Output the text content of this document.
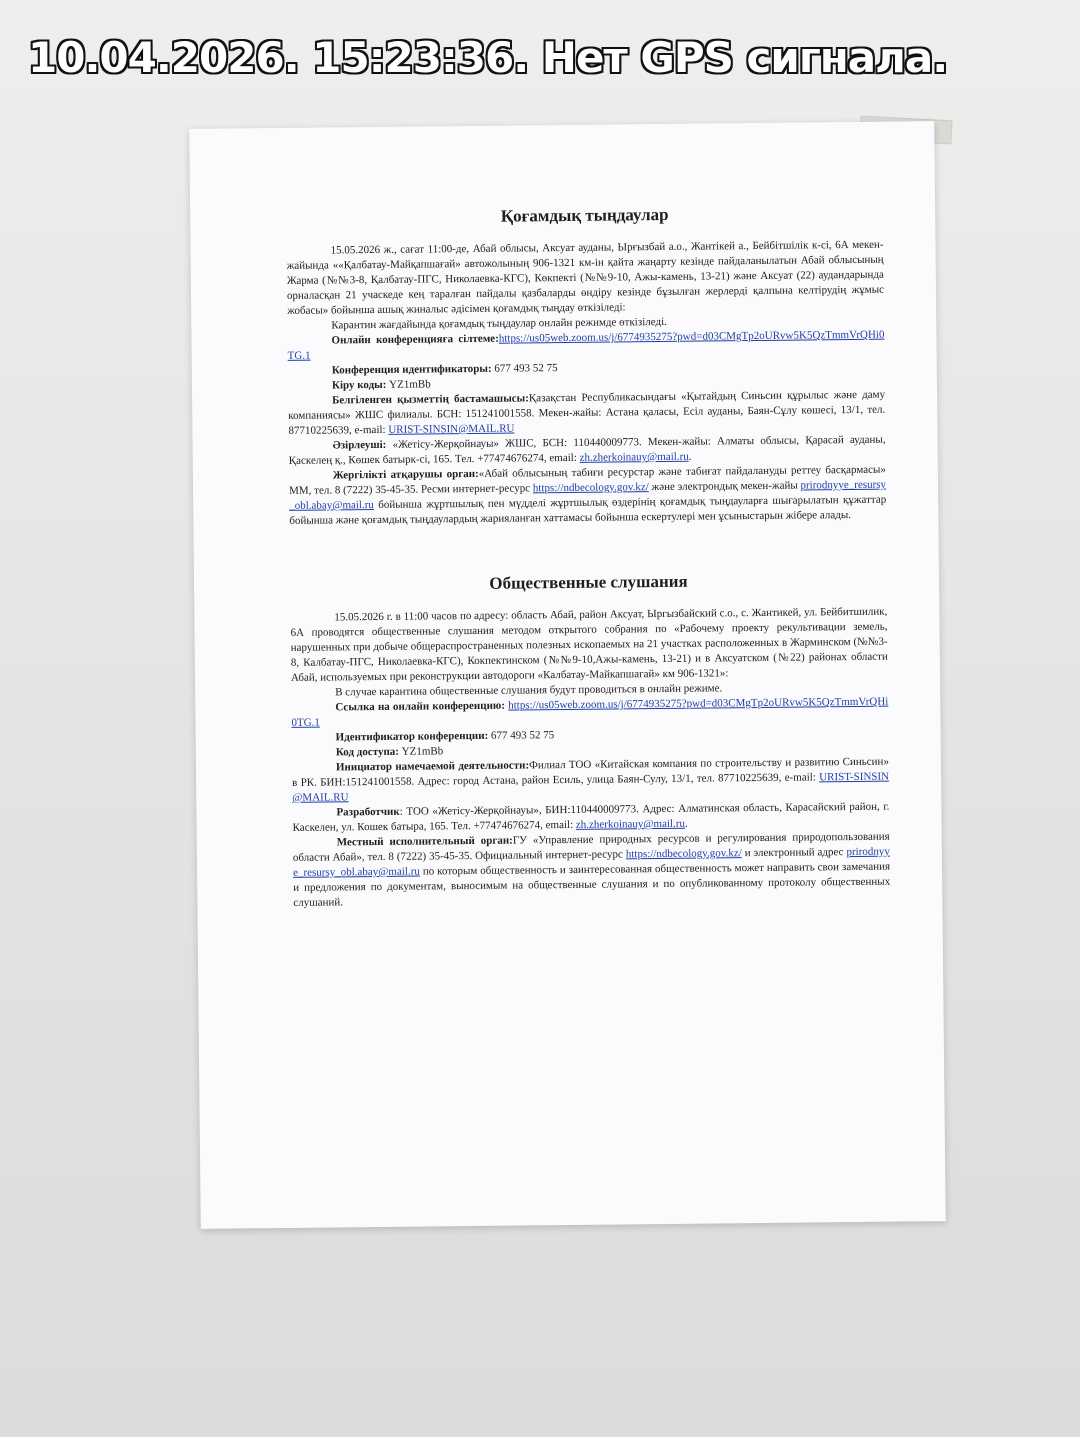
10.04.2026. 15:23:36. Нет GPS сигнала.
Қоғамдық тыңдаулар

15.05.2026 ж., сағат 11:00-де, Абай облысы, Аксуат ауданы, Ырғызбай а.о., Жантікей а., Бейбітшілік к-сі, 6А мекен-жайында ««Қалбатау-Майқапшағай» автожолының 906-1321 км-ін қайта жаңарту кезінде пайдаланылатын Абай облысының Жарма (№№3-8, Қалбатау-ПГС, Николаевка-КГС), Көкпекті (№№9-10, Ажы-камень, 13-21) және Аксуат (22) аудандарында орналасқан 21 учаскеде кең таралған пайдалы қазбаларды өндіру кезінде бұзылған жерлерді қалпына келтірудің жұмыс жобасы» бойынша ашық жиналыс әдісімен қоғамдық тыңдау өткізіледі:

Карантин жағдайында қоғамдық тыңдаулар онлайн режимде өткізіледі.

Онлайн конференцияға сілтеме:https://us05web.zoom.us/j/6774935275?pwd=d03CMgTp2oURvw5K5QzTmmVrQHi0TG.1

Конференция идентификаторы: 677 493 52 75

Кіру коды: YZ1mBb

Белгіленген қызметтің бастамашысы:Қазақстан Республикасындағы «Қытайдың Синьсин құрылыс және даму компаниясы» ЖШС филиалы. БСН: 151241001558. Мекен-жайы: Астана қаласы, Есіл ауданы, Баян-Сұлу көшесі, 13/1, тел. 87710225639, e-mail: URIST-SINSIN@MAIL.RU

Әзірлеуші: «Жетісу-Жерқойнауы» ЖШС, БСН: 110440009773. Мекен-жайы: Алматы облысы, Қарасай ауданы, Қаскелең қ., Көшек батырк-сі, 165. Тел. +77474676274, email: zh.zherkoinauy@mail.ru.

Жергілікті атқарушы орган:«Абай облысының табиғи ресурстар және табиғат пайдалануды реттеу басқармасы» ММ, тел. 8 (7222) 35-45-35. Ресми интернет-ресурс https://ndbecology.gov.kz/ және электрондық мекен-жайы prirodnyye_resursy_obl.abay@mail.ru бойынша жұртшылық пен мүдделі жұртшылық өздерінің қоғамдық тыңдауларға шығарылатын құжаттар бойынша және қоғамдық тыңдаулардың жарияланған хаттамасы бойынша ескертулері мен ұсыныстарын жібере алады.

Общественные слушания

15.05.2026 г. в 11:00 часов по адресу: область Абай, район Аксуат, Ыргызбайский с.о., с. Жантикей, ул. Бейбитшилик, 6А проводятся общественные слушания методом открытого собрания по «Рабочему проекту рекультивации земель, нарушенных при добыче общераспространенных полезных ископаемых на 21 участках расположенных в Жарминском (№№3-8, Калбатау-ПГС, Николаевка-КГС), Кокпектинском (№№9-10,Ажы-камень, 13-21) и в Аксуатском (№22) районах области Абай, используемых при реконструкции автодороги «Калбатау-Майкапшагай» км 906-1321»:

В случае карантина общественные слушания будут проводиться в онлайн режиме.

Ссылка на онлайн конференцию: https://us05web.zoom.us/j/6774935275?pwd=d03CMgTp2oURvw5K5QzTmmVrQHi0TG.1

Идентификатор конференции: 677 493 52 75

Код доступа: YZ1mBb

Инициатор намечаемой деятельности:Филиал ТОО «Китайская компания по строительству и развитию Синьсин» в РК. БИН:151241001558. Адрес: город Астана, район Есиль, улица Баян-Сулу, 13/1, тел. 87710225639, e-mail: URIST-SINSIN@MAIL.RU

Разработчик: ТОО «Жетісу-Жерқойнауы», БИН:110440009773. Адрес: Алматинская область, Карасайский район, г. Каскелен, ул. Кошек батыра, 165. Тел. +77474676274, email: zh.zherkoinauy@mail.ru.

Местный исполнительный орган:ГУ «Управление природных ресурсов и регулирования природопользования области Абай», тел. 8 (7222) 35-45-35. Официальный интернет-ресурс https://ndbecology.gov.kz/ и электронный адрес prirodnyye_resursy_obl.abay@mail.ru по которым общественность и заинтересованная общественность может направить свои замечания и предложения по документам, выносимым на общественные слушания и по опубликованному протоколу общественных слушаний.
